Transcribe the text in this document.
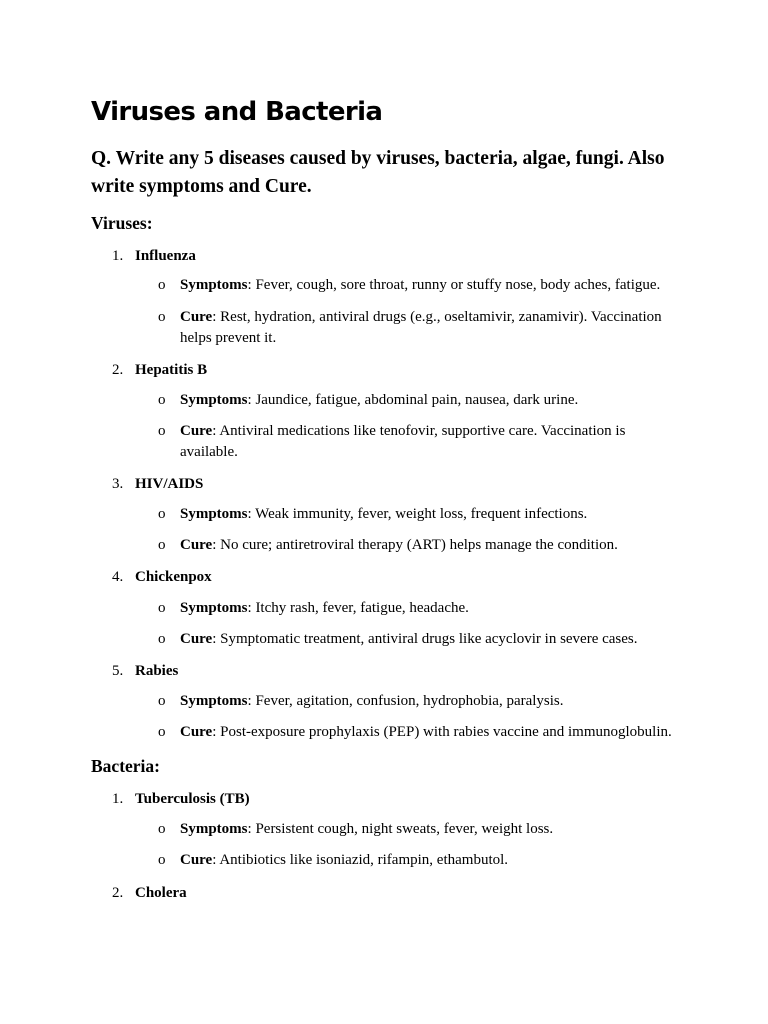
Viruses and Bacteria
Q. Write any 5 diseases caused by viruses, bacteria, algae, fungi. Also write symptoms and Cure.
Viruses:
1. Influenza
o Symptoms: Fever, cough, sore throat, runny or stuffy nose, body aches, fatigue.
o Cure: Rest, hydration, antiviral drugs (e.g., oseltamivir, zanamivir). Vaccination helps prevent it.
2. Hepatitis B
o Symptoms: Jaundice, fatigue, abdominal pain, nausea, dark urine.
o Cure: Antiviral medications like tenofovir, supportive care. Vaccination is available.
3. HIV/AIDS
o Symptoms: Weak immunity, fever, weight loss, frequent infections.
o Cure: No cure; antiretroviral therapy (ART) helps manage the condition.
4. Chickenpox
o Symptoms: Itchy rash, fever, fatigue, headache.
o Cure: Symptomatic treatment, antiviral drugs like acyclovir in severe cases.
5. Rabies
o Symptoms: Fever, agitation, confusion, hydrophobia, paralysis.
o Cure: Post-exposure prophylaxis (PEP) with rabies vaccine and immunoglobulin.
Bacteria:
1. Tuberculosis (TB)
o Symptoms: Persistent cough, night sweats, fever, weight loss.
o Cure: Antibiotics like isoniazid, rifampin, ethambutol.
2. Cholera
